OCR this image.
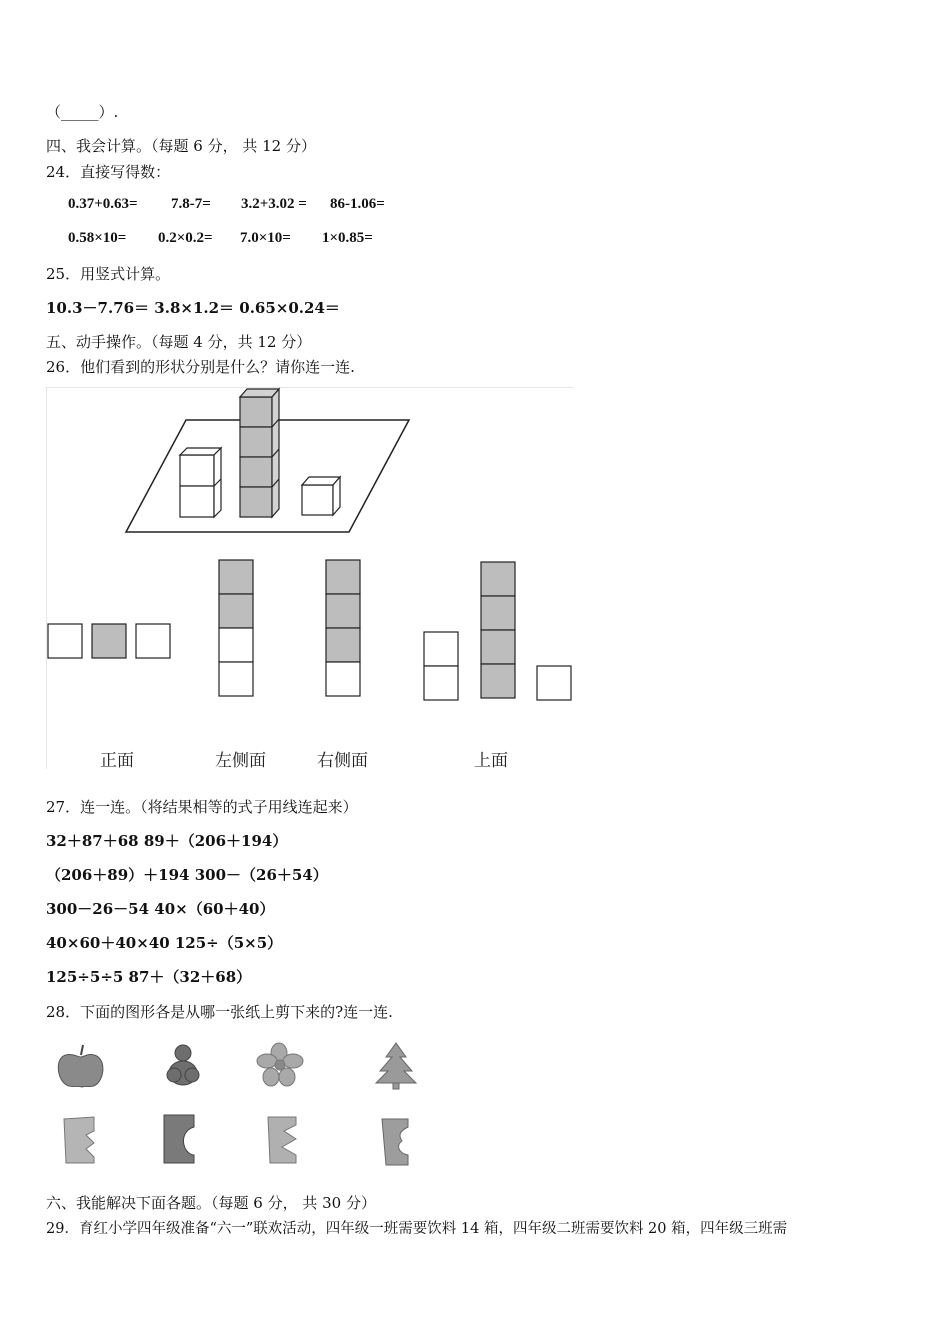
（_____）.
四、我会计算。（每题 6 分， 共 12 分）
24．直接写得数：
0.37+0.63= 7.8-7= 3.2+3.02 = 86-1.06=
0.58×10= 0.2×0.2= 7.0×10= 1×0.85=
25．用竖式计算。
10.3－7.76＝ 3.8×1.2＝ 0.65×0.24＝
五、动手操作。（每题 4 分，共 12 分）
26．他们看到的形状分别是什么？请你连一连.
正面	左侧面	右侧面	上面
27．连一连。（将结果相等的式子用线连起来）
32＋87＋68 89＋（206＋194）
（206＋89）＋194 300－（26＋54）
300－26－54 40×（60＋40）
40×60＋40×40 125÷（5×5）
125÷5÷5 87＋（32＋68）
28．下面的图形各是从哪一张纸上剪下来的?连一连.
六、我能解决下面各题。（每题 6 分， 共 30 分）
29．育红小学四年级准备“六一”联欢活动，四年级一班需要饮料 14 箱，四年级二班需要饮料 20 箱，四年级三班需
